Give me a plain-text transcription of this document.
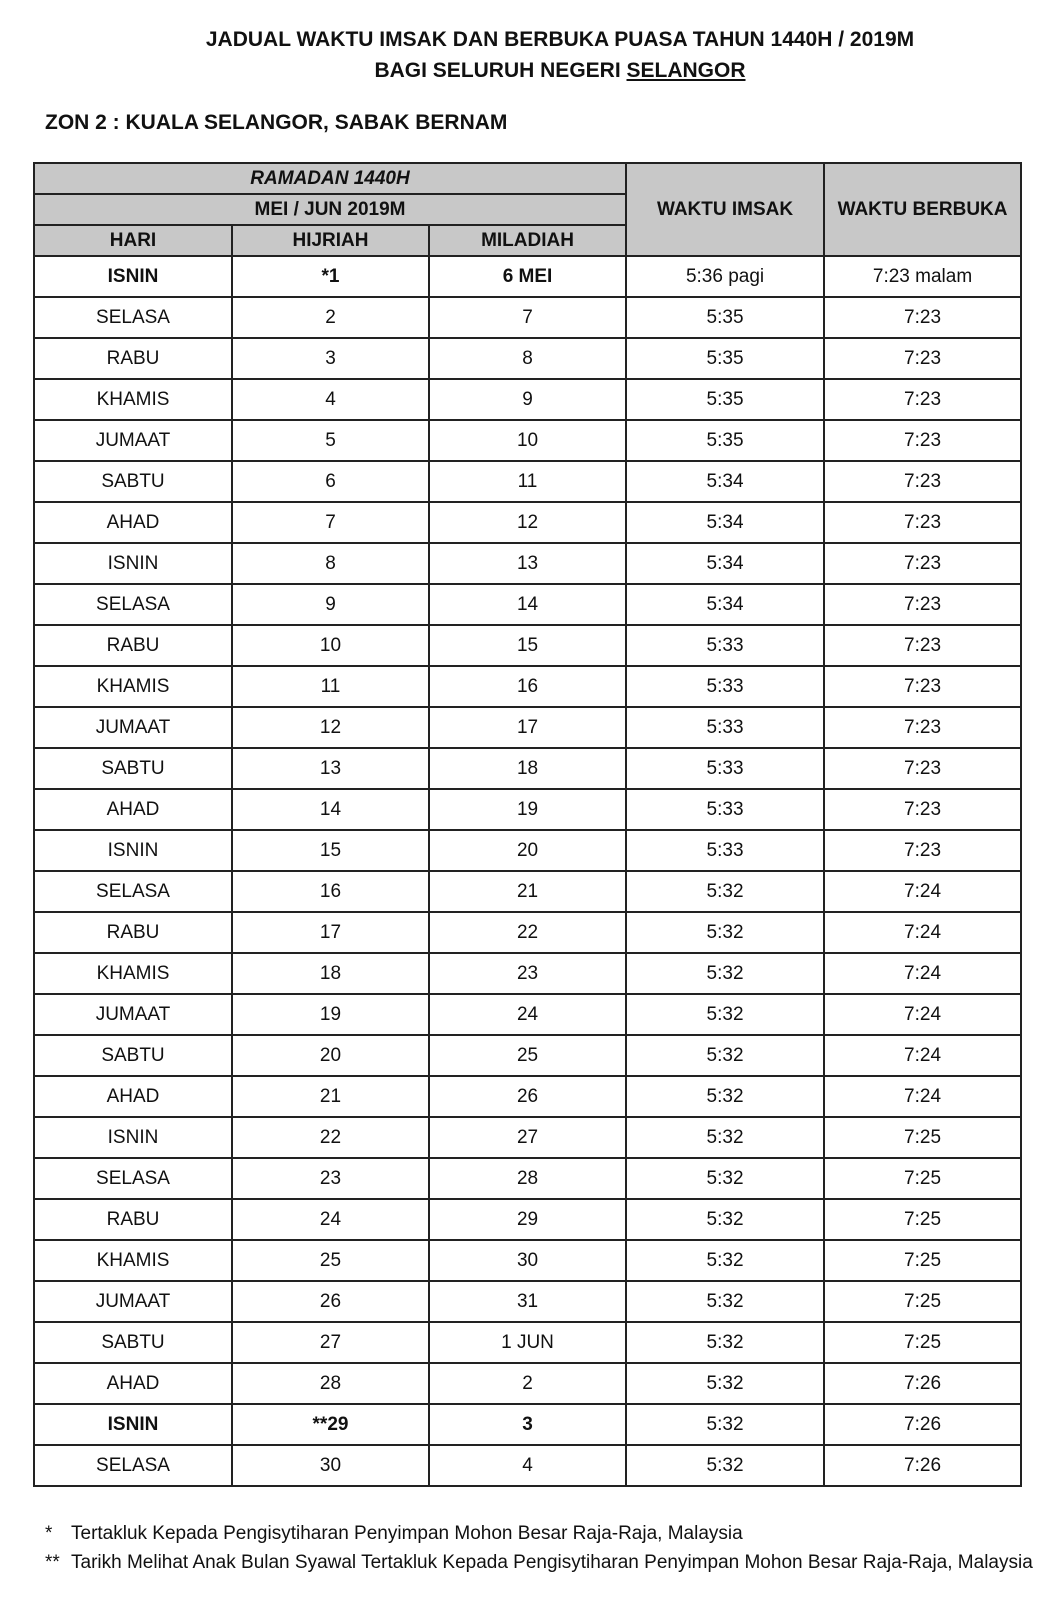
JADUAL WAKTU IMSAK DAN BERBUKA PUASA TAHUN 1440H / 2019M
BAGI SELURUH NEGERI SELANGOR
ZON 2 : KUALA SELANGOR, SABAK BERNAM
RAMADAN 1440H			WAKTU IMSAK	WAKTU BERBUKA
MEI / JUN 2019M				
HARI	HIJRIAH	MILADIAH		
ISNIN	*1	6 MEI	5:36 pagi	7:23 malam
SELASA	2	7	5:35	7:23
RABU	3	8	5:35	7:23
KHAMIS	4	9	5:35	7:23
JUMAAT	5	10	5:35	7:23
SABTU	6	11	5:34	7:23
AHAD	7	12	5:34	7:23
ISNIN	8	13	5:34	7:23
SELASA	9	14	5:34	7:23
RABU	10	15	5:33	7:23
KHAMIS	11	16	5:33	7:23
JUMAAT	12	17	5:33	7:23
SABTU	13	18	5:33	7:23
AHAD	14	19	5:33	7:23
ISNIN	15	20	5:33	7:23
SELASA	16	21	5:32	7:24
RABU	17	22	5:32	7:24
KHAMIS	18	23	5:32	7:24
JUMAAT	19	24	5:32	7:24
SABTU	20	25	5:32	7:24
AHAD	21	26	5:32	7:24
ISNIN	22	27	5:32	7:25
SELASA	23	28	5:32	7:25
RABU	24	29	5:32	7:25
KHAMIS	25	30	5:32	7:25
JUMAAT	26	31	5:32	7:25
SABTU	27	1 JUN	5:32	7:25
AHAD	28	2	5:32	7:26
ISNIN	**29	3	5:32	7:26
SELASA	30	4	5:32	7:26
* Tertakluk Kepada Pengisytiharan Penyimpan Mohon Besar Raja-Raja, Malaysia
** Tarikh Melihat Anak Bulan Syawal Tertakluk Kepada Pengisytiharan Penyimpan Mohon Besar Raja-Raja, Malaysia
